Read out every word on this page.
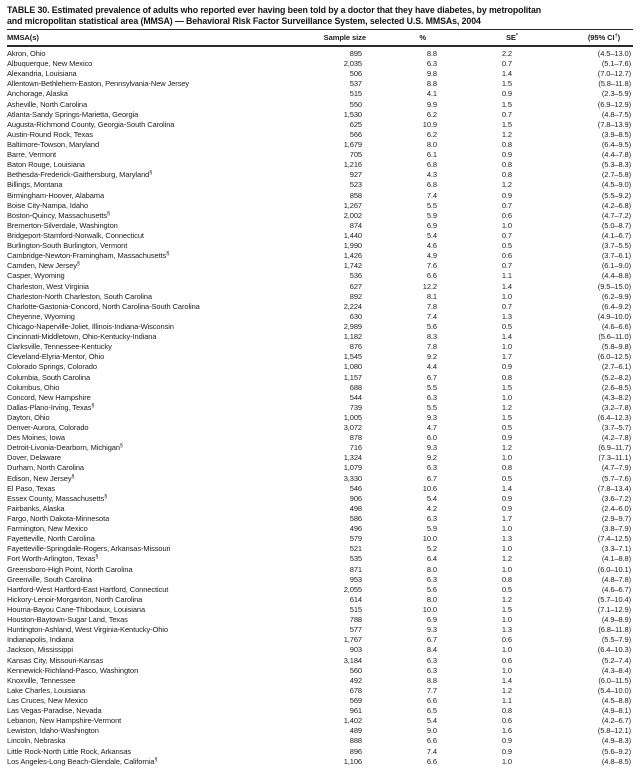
TABLE 30. Estimated prevalence of adults who reported ever having been told by a doctor that they have diabetes, by metropolitan
and micropolitan statistical area (MMSA) — Behavioral Risk Factor Surveillance System, selected U.S. MMSAs, 2004
MMSA(s)	Sample size	%	SE*	(95% CI†)
Akron, Ohio	895	8.8	2.2	(4.5–13.0)
Albuquerque, New Mexico	2,035	6.3	0.7	(5.1–7.6)
Alexandria, Louisiana	506	9.8	1.4	(7.0–12.7)
Allentown-Bethlehem-Easton, Pennsylvania-New Jersey	537	8.8	1.5	(5.8–11.8)
Anchorage, Alaska	515	4.1	0.9	(2.3–5.9)
Asheville, North Carolina	550	9.9	1.5	(6.9–12.9)
Atlanta-Sandy Springs-Marietta, Georgia	1,530	6.2	0.7	(4.8–7.5)
Augusta-Richmond County, Georgia-South Carolina	625	10.9	1.5	(7.8–13.9)
Austin-Round Rock, Texas	566	6.2	1.2	(3.9–8.5)
Baltimore-Towson, Maryland	1,679	8.0	0.8	(6.4–9.5)
Barre, Vermont	705	6.1	0.9	(4.4–7.8)
Baton Rouge, Louisiana	1,216	6.8	0.8	(5.3–8.3)
Bethesda-Frederick-Gaithersburg, Maryland§	927	4.3	0.8	(2.7–5.8)
Billings, Montana	523	6.8	1.2	(4.5–9.0)
Birmingham-Hoover, Alabama	858	7.4	0.9	(5.5–9.2)
Boise City-Nampa, Idaho	1,267	5.5	0.7	(4.2–6.8)
Boston-Quincy, Massachusetts§	2,002	5.9	0.6	(4.7–7.2)
Bremerton-Silverdale, Washington	874	6.9	1.0	(5.0–8.7)
Bridgeport-Stamford-Norwalk, Connecticut	1,440	5.4	0.7	(4.1–6.7)
Burlington-South Burlington, Vermont	1,990	4.6	0.5	(3.7–5.5)
Cambridge-Newton-Framingham, Massachusetts§	1,426	4.9	0.6	(3.7–6.1)
Camden, New Jersey§	1,742	7.6	0.7	(6.1–9.0)
Casper, Wyoming	536	6.6	1.1	(4.4–8.8)
Charleston, West Virginia	627	12.2	1.4	(9.5–15.0)
Charleston-North Charleston, South Carolina	892	8.1	1.0	(6.2–9.9)
Charlotte-Gastonia-Concord, North Carolina-South Carolina	2,224	7.8	0.7	(6.4–9.2)
Cheyenne, Wyoming	630	7.4	1.3	(4.9–10.0)
Chicago-Naperville-Joliet, Illinois-Indiana-Wisconsin	2,989	5.6	0.5	(4.6–6.6)
Cincinnati-Middletown, Ohio-Kentucky-Indiana	1,182	8.3	1.4	(5.6–11.0)
Clarksville, Tennessee-Kentucky	876	7.8	1.0	(5.8–9.8)
Cleveland-Elyria-Mentor, Ohio	1,545	9.2	1.7	(6.0–12.5)
Colorado Springs, Colorado	1,080	4.4	0.9	(2.7–6.1)
Columbia, South Carolina	1,157	6.7	0.8	(5.2–8.2)
Columbus, Ohio	688	5.5	1.5	(2.6–8.5)
Concord, New Hampshire	544	6.3	1.0	(4.3–8.2)
Dallas-Plano-Irving, Texas§	739	5.5	1.2	(3.2–7.8)
Dayton, Ohio	1,005	9.3	1.5	(6.4–12.3)
Denver-Aurora, Colorado	3,072	4.7	0.5	(3.7–5.7)
Des Moines, Iowa	878	6.0	0.9	(4.2–7.8)
Detroit-Livonia-Dearborn, Michigan§	716	9.3	1.2	(6.9–11.7)
Dover, Delaware	1,324	9.2	1.0	(7.3–11.1)
Durham, North Carolina	1,079	6.3	0.8	(4.7–7.9)
Edison, New Jersey§	3,330	6.7	0.5	(5.7–7.6)
El Paso, Texas	546	10.6	1.4	(7.8–13.4)
Essex County, Massachusetts§	906	5.4	0.9	(3.6–7.2)
Fairbanks, Alaska	498	4.2	0.9	(2.4–6.0)
Fargo, North Dakota-Minnesota	586	6.3	1.7	(2.9–9.7)
Farmington, New Mexico	496	5.9	1.0	(3.8–7.9)
Fayetteville, North Carolina	579	10.0	1.3	(7.4–12.5)
Fayetteville-Springdale-Rogers, Arkansas-Missouri	521	5.2	1.0	(3.3–7.1)
Fort Worth-Arlington, Texas§	535	6.4	1.2	(4.1–8.8)
Greensboro-High Point, North Carolina	871	8.0	1.0	(6.0–10.1)
Greenville, South Carolina	953	6.3	0.8	(4.8–7.8)
Hartford-West Hartford-East Hartford, Connecticut	2,055	5.6	0.5	(4.6–6.7)
Hickory-Lenoir-Morganton, North Carolina	614	8.0	1.2	(5.7–10.4)
Houma-Bayou Cane-Thibodaux, Louisiana	515	10.0	1.5	(7.1–12.9)
Houston-Baytown-Sugar Land, Texas	788	6.9	1.0	(4.9–8.9)
Huntington-Ashland, West Virginia-Kentucky-Ohio	577	9.3	1.3	(6.8–11.8)
Indianapolis, Indiana	1,767	6.7	0.6	(5.5–7.9)
Jackson, Mississippi	903	8.4	1.0	(6.4–10.3)
Kansas City, Missouri-Kansas	3,184	6.3	0.6	(5.2–7.4)
Kennewick-Richland-Pasco, Washington	560	6.3	1.0	(4.3–8.4)
Knoxville, Tennessee	492	8.8	1.4	(6.0–11.5)
Lake Charles, Louisiana	678	7.7	1.2	(5.4–10.0)
Las Cruces, New Mexico	569	6.6	1.1	(4.5–8.8)
Las Vegas-Paradise, Nevada	961	6.5	0.8	(4.9–8.1)
Lebanon, New Hampshire-Vermont	1,402	5.4	0.6	(4.2–6.7)
Lewiston, Idaho-Washington	489	9.0	1.6	(5.8–12.1)
Lincoln, Nebraska	888	6.6	0.9	(4.9–8.3)
Little Rock-North Little Rock, Arkansas	896	7.4	0.9	(5.6–9.2)
Los Angeles-Long Beach-Glendale, California§	1,106	6.6	1.0	(4.8–8.5)
